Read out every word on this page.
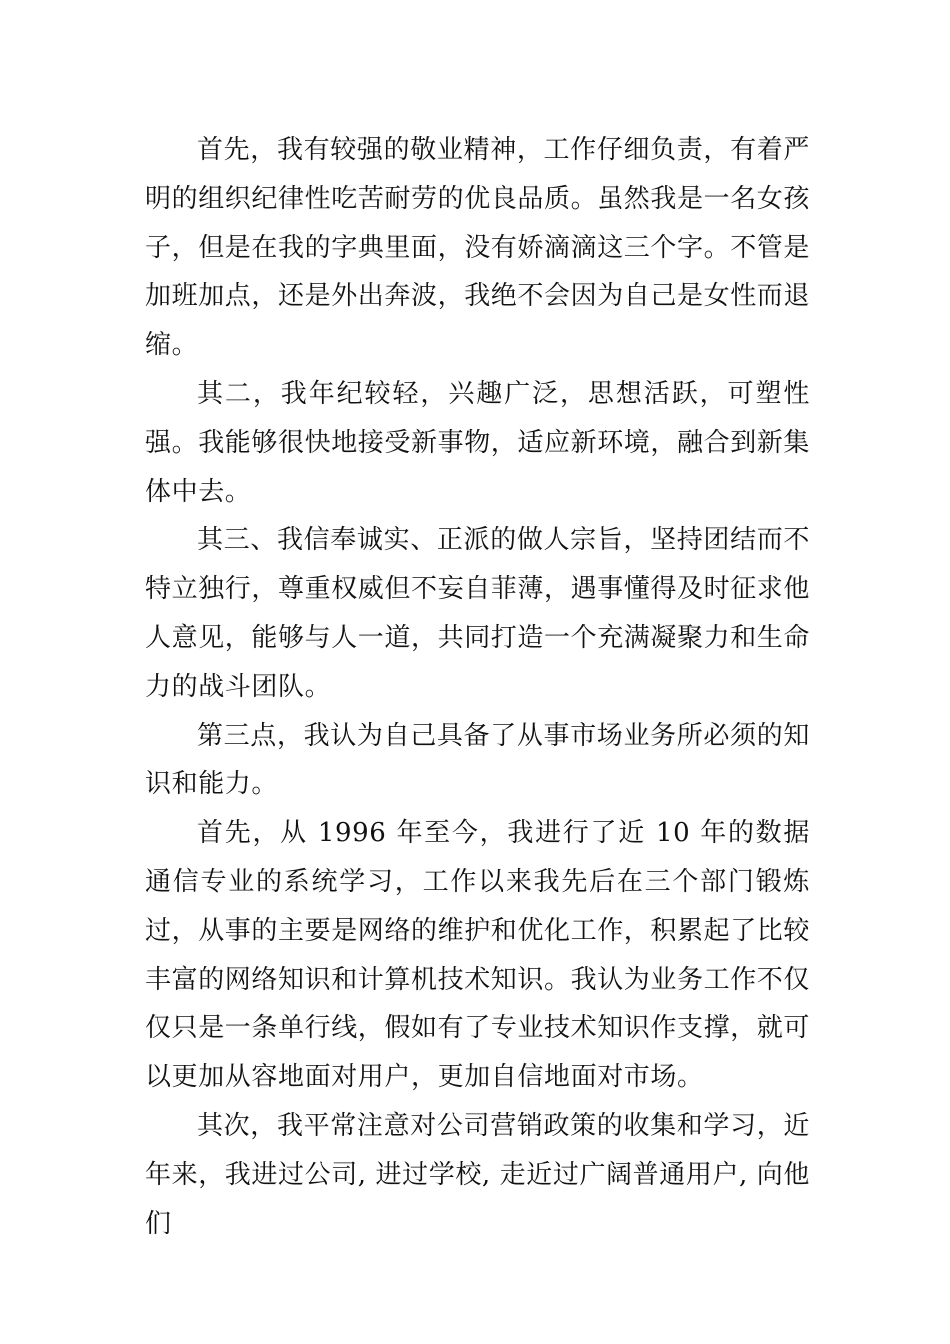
首先，我有较强的敬业精神，工作仔细负责，有着严明的组织纪律性吃苦耐劳的优良品质。虽然我是一名女孩子，但是在我的字典里面，没有娇滴滴这三个字。不管是加班加点，还是外出奔波，我绝不会因为自己是女性而退缩。

其二，我年纪较轻，兴趣广泛，思想活跃，可塑性强。我能够很快地接受新事物，适应新环境，融合到新集体中去。

其三、我信奉诚实、正派的做人宗旨，坚持团结而不特立独行，尊重权威但不妄自菲薄，遇事懂得及时征求他人意见，能够与人一道，共同打造一个充满凝聚力和生命力的战斗团队。

第三点，我认为自己具备了从事市场业务所必须的知识和能力。

首先，从 1996 年至今，我进行了近 10 年的数据通信专业的系统学习，工作以来我先后在三个部门锻炼过，从事的主要是网络的维护和优化工作，积累起了比较丰富的网络知识和计算机技术知识。我认为业务工作不仅仅只是一条单行线，假如有了专业技术知识作支撑，就可以更加从容地面对用户，更加自信地面对市场。

其次，我平常注意对公司营销政策的收集和学习，近年来，我进过公司, 进过学校, 走近过广阔普通用户, 向他们
